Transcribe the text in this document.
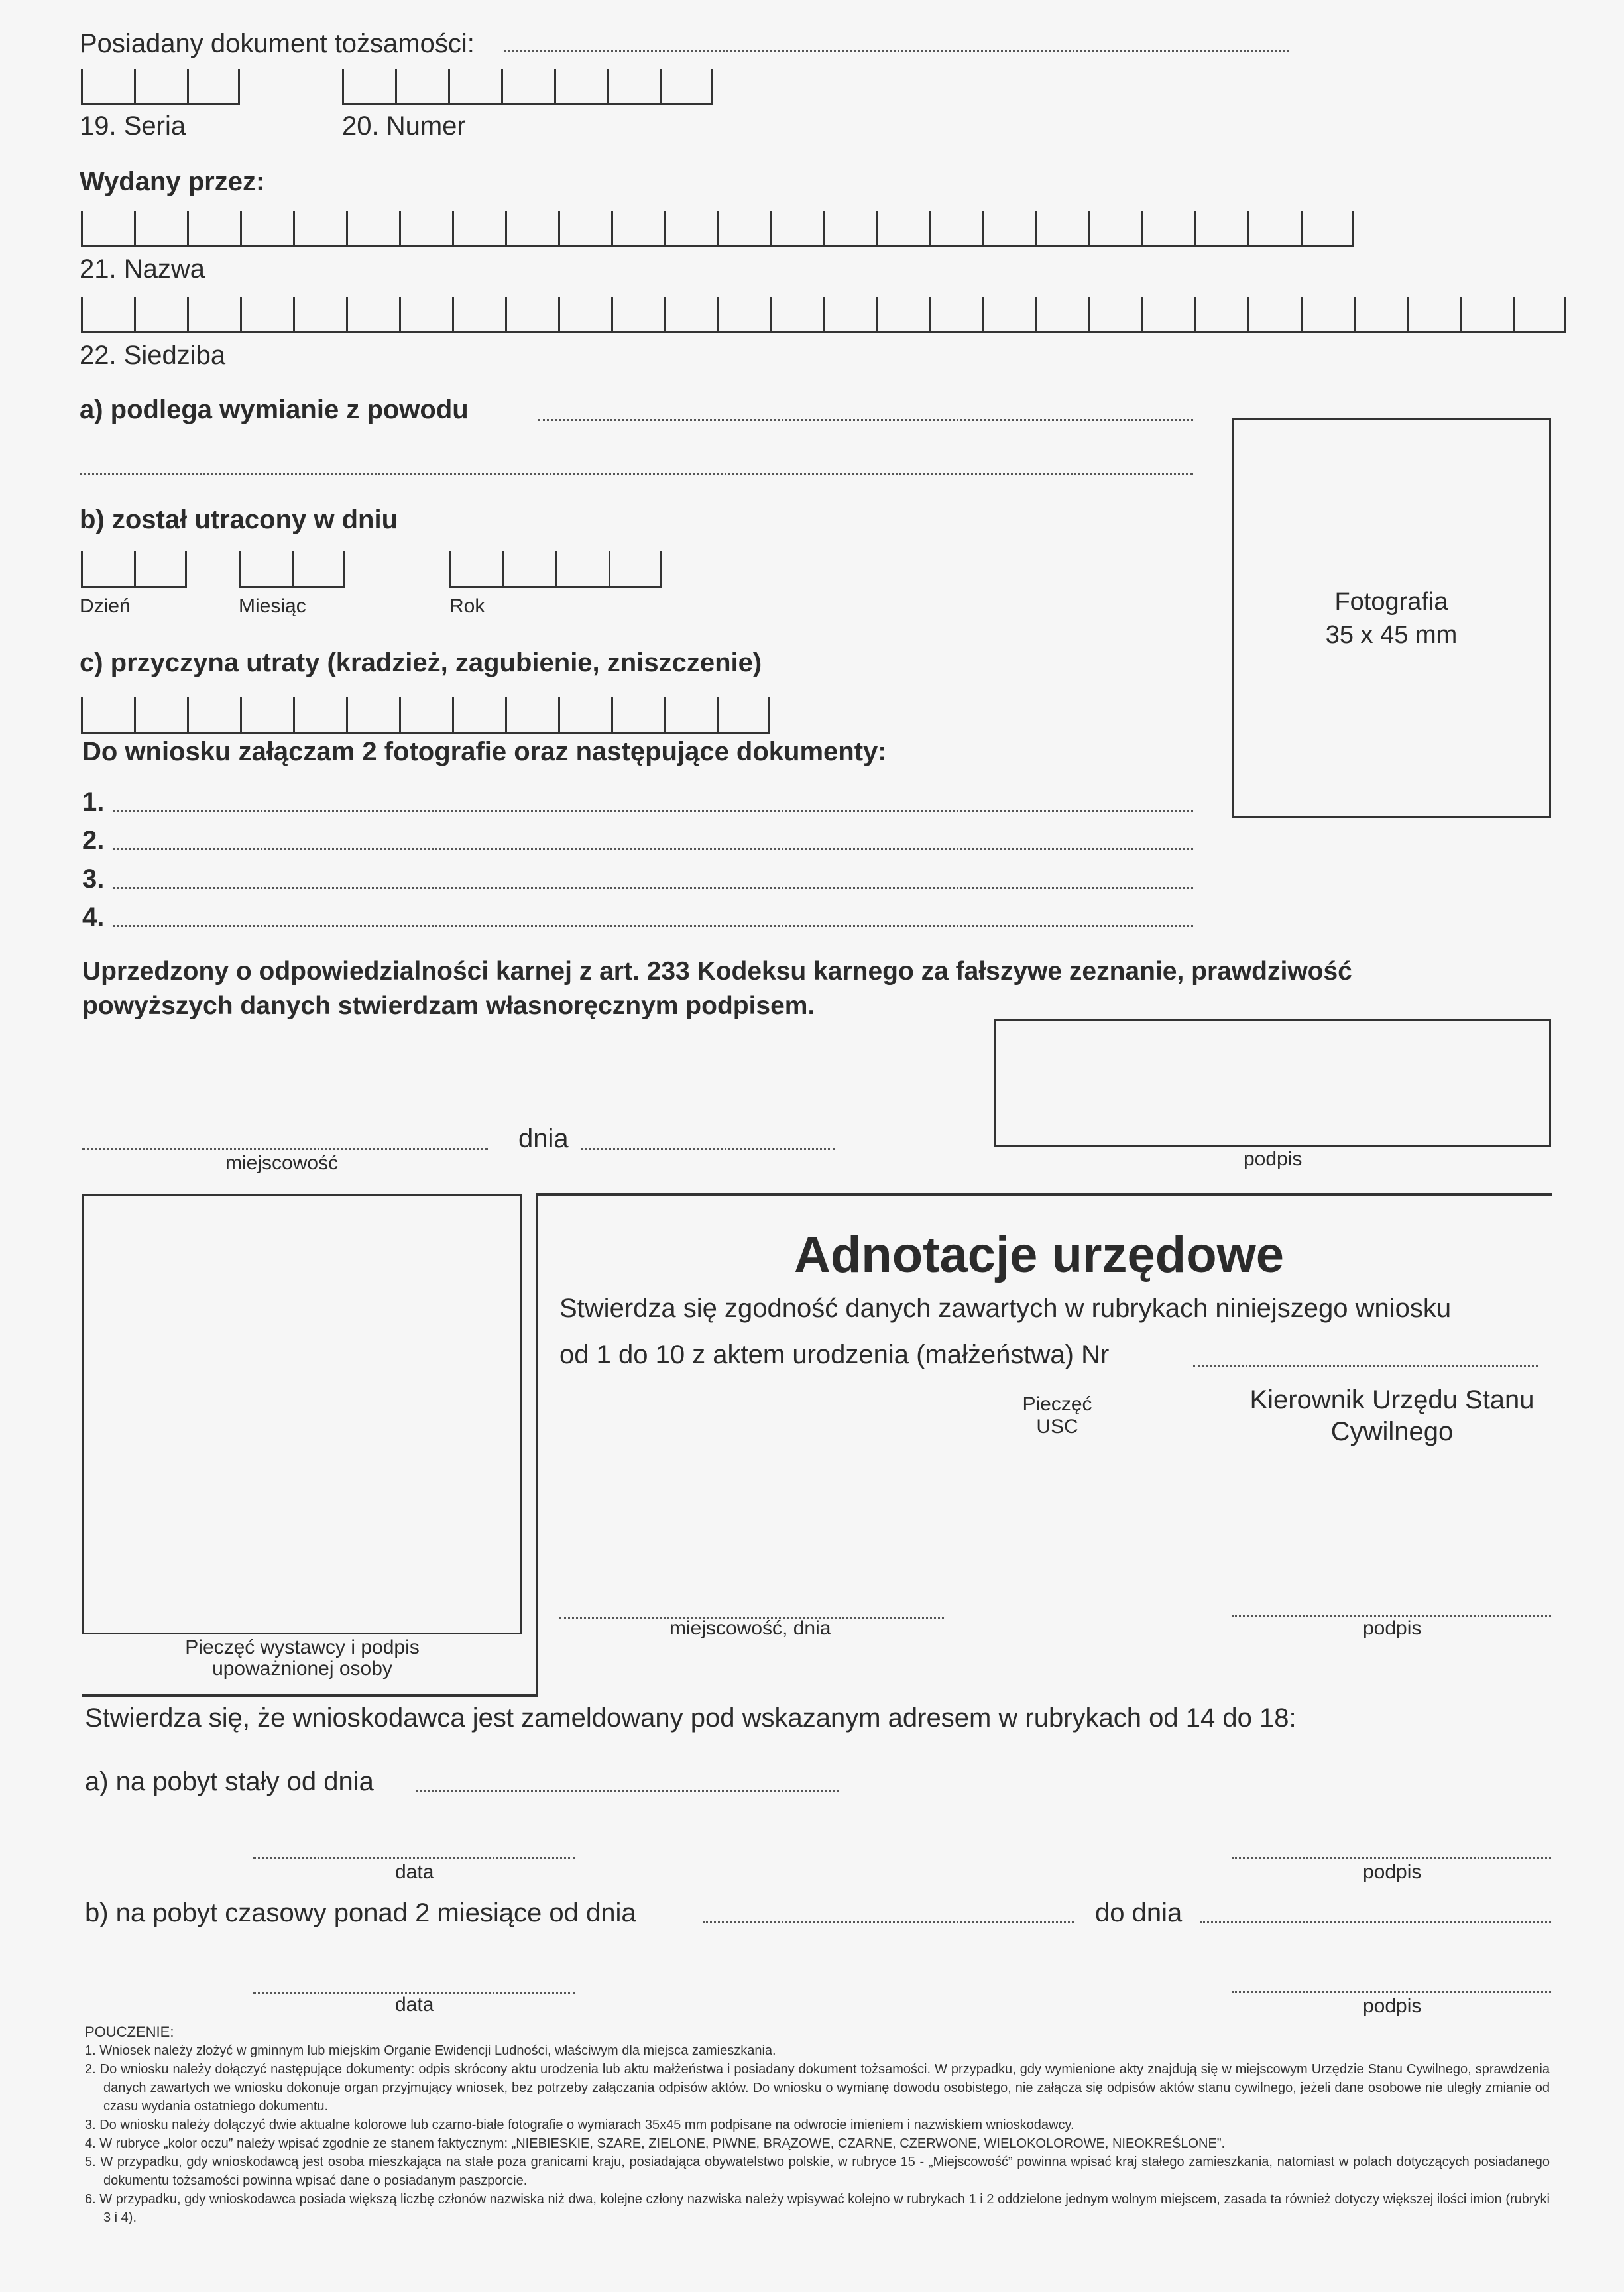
Posiadany dokument tożsamości:
19. Seria	20. Numer
Wydany przez:
21. Nazwa
22. Siedziba
a) podlega wymianie z powodu
b) został utracony w dniu
Dzień	Miesiąc	Rok
c) przyczyna utraty (kradzież, zagubienie, zniszczenie)
Fotografia
35 x 45 mm
Do wniosku załączam 2 fotografie oraz następujące dokumenty:
1.
2.
3.
4.
Uprzedzony o odpowiedzialności karnej z art. 233 Kodeksu karnego za fałszywe zeznanie, prawdziwość
powyższych danych stwierdzam własnoręcznym podpisem.
miejscowość
dnia
podpis
Pieczęć wystawcy i podpis
upoważnionej osoby
Adnotacje urzędowe
Stwierdza się zgodność danych zawartych w rubrykach niniejszego wniosku
od 1 do 10 z aktem urodzenia (małżeństwa) Nr
Pieczęć
USC
Kierownik Urzędu Stanu
Cywilnego
miejscowość, dnia	podpis
Stwierdza się, że wnioskodawca jest zameldowany pod wskazanym adresem w rubrykach od 14 do 18:
a) na pobyt stały od dnia
data	podpis
b) na pobyt czasowy ponad 2 miesiące od dnia	do dnia
data	podpis
POUCZENIE:

1. Wniosek należy złożyć w gminnym lub miejskim Organie Ewidencji Ludności, właściwym dla miejsca zamieszkania.

2. Do wniosku należy dołączyć następujące dokumenty: odpis skrócony aktu urodzenia lub aktu małżeństwa i posiadany dokument tożsamości. W przypadku, gdy wymienione akty znajdują się w miejscowym Urzędzie Stanu Cywilnego, sprawdzenia danych zawartych we wniosku dokonuje organ przyjmujący wniosek, bez potrzeby załączania odpisów aktów. Do wniosku o wymianę dowodu osobistego, nie załącza się odpisów aktów stanu cywilnego, jeżeli dane osobowe nie uległy zmianie od czasu wydania ostatniego dokumentu.

3. Do wniosku należy dołączyć dwie aktualne kolorowe lub czarno-białe fotografie o wymiarach 35x45 mm podpisane na odwrocie imieniem i nazwiskiem wnioskodawcy.

4. W rubryce „kolor oczu” należy wpisać zgodnie ze stanem faktycznym: „NIEBIESKIE, SZARE, ZIELONE, PIWNE, BRĄZOWE, CZARNE, CZERWONE, WIELOKOLOROWE, NIEOKREŚLONE”.

5. W przypadku, gdy wnioskodawcą jest osoba mieszkająca na stałe poza granicami kraju, posiadająca obywatelstwo polskie, w rubryce 15 - „Miejscowość” powinna wpisać kraj stałego zamieszkania, natomiast w polach dotyczących posiadanego dokumentu tożsamości powinna wpisać dane o posiadanym paszporcie.

6. W przypadku, gdy wnioskodawca posiada większą liczbę członów nazwiska niż dwa, kolejne człony nazwiska należy wpisywać kolejno w rubrykach 1 i 2 oddzielone jednym wolnym miejscem, zasada ta również dotyczy większej ilości imion (rubryki 3 i 4).
